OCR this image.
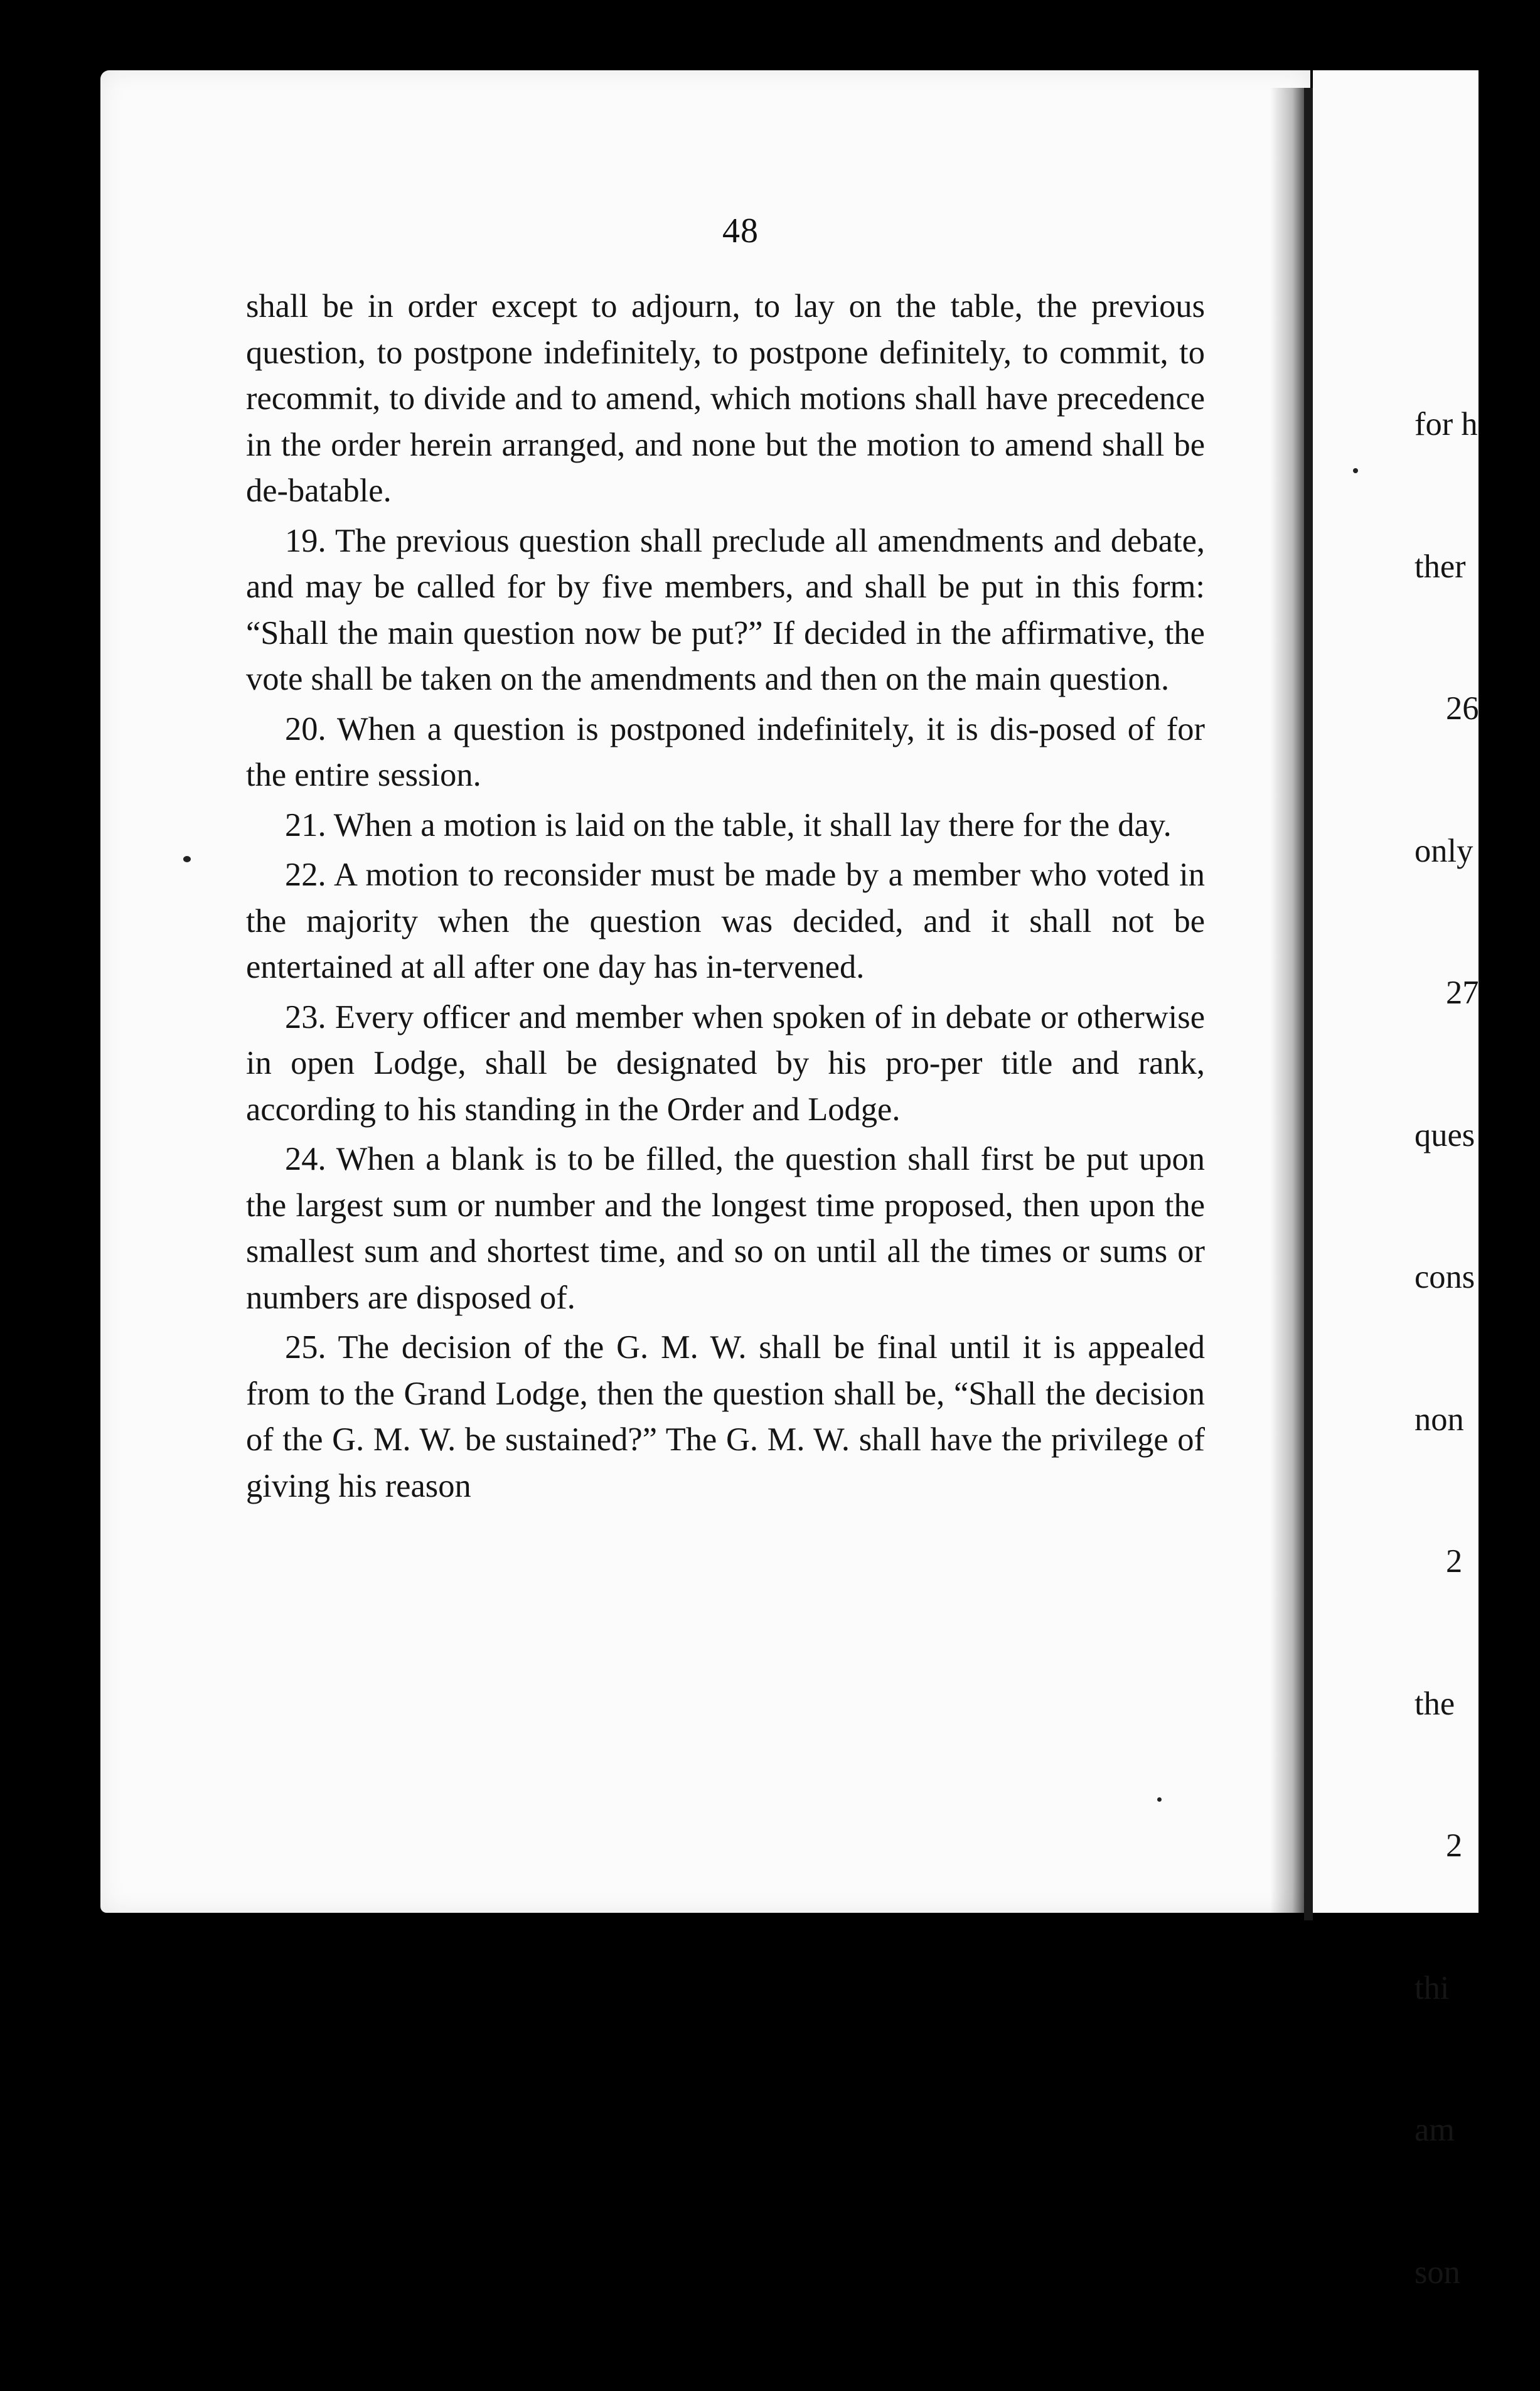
48

shall be in order except to adjourn, to lay on the table, the previous question, to postpone indefinitely, to postpone definitely, to commit, to recommit, to divide and to amend, which motions shall have precedence in the order herein arranged, and none but the motion to amend shall be de-batable.

19. The previous question shall preclude all amendments and debate, and may be called for by five members, and shall be put in this form: “Shall the main question now be put?” If decided in the affirmative, the vote shall be taken on the amendments and then on the main question.

20. When a question is postponed indefinitely, it is dis-posed of for the entire session.

21. When a motion is laid on the table, it shall lay there for the day.

22. A motion to reconsider must be made by a member who voted in the majority when the question was decided, and it shall not be entertained at all after one day has in-tervened.

23. Every officer and member when spoken of in debate or otherwise in open Lodge, shall be designated by his pro-per title and rank, according to his standing in the Order and Lodge.

24. When a blank is to be filled, the question shall first be put upon the largest sum or number and the longest time proposed, then upon the smallest sum and shortest time, and so on until all the times or sums or numbers are disposed of.

25. The decision of the G. M. W. shall be final until it is appealed from to the Grand Lodge, then the question shall be, “Shall the decision of the G. M. W. be sustained?” The G. M. W. shall have the privilege of giving his reason

for h

ther

26

only

27

ques

cons

non

2

the

2

thi

am

son
